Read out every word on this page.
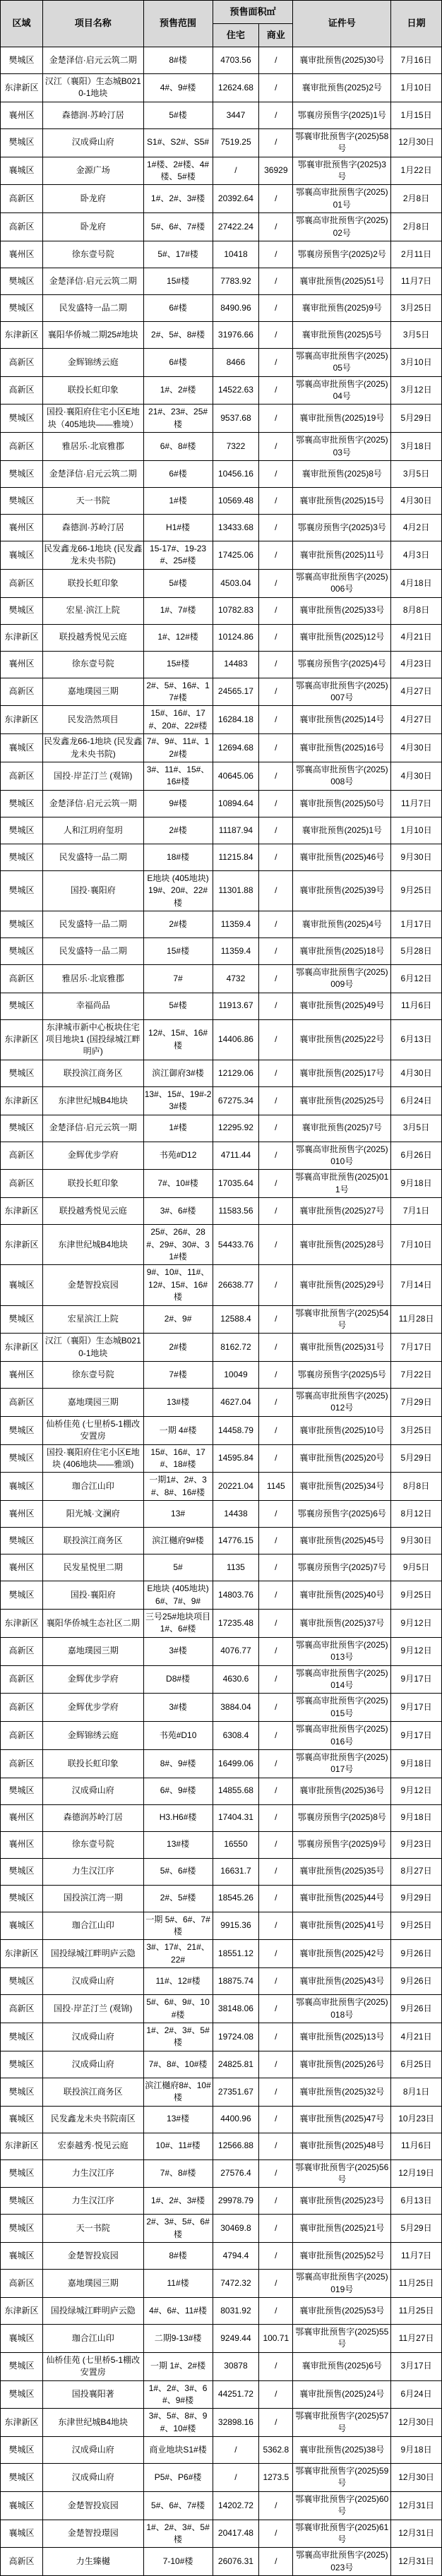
区域	项目名称	预售范围	预售面积㎡		证件号	日期
			住宅	商业		
樊城区	金楚泽信·启元云筑二期	8#楼	4703.56	/	襄审批预售(2025)30号	7月16日
东津新区	汉江（襄阳）生态城B0210-1地块	4#、9#楼	12624.68	/	襄审批预售(2025)2号	1月10日
襄州区	森德润·苏岭汀居	5#楼	3447	/	鄂襄房预售字(2025)1号	1月15日
樊城区	汉成舜山府	S1#、S2#、S5#	7519.25	/	鄂襄审批预售字(2025)58号	12月30日
襄城区	金源广场	1#楼、2#楼、4#楼、5#楼	/	36929	鄂襄审批预售字(2025)3号	1月22日
高新区	卧龙府	1#、2#、3#楼	20392.64	/	鄂襄高审批预售字(2025)01号	2月8日
高新区	卧龙府	5#、6#、7#楼	27422.24	/	鄂襄高审批预售字(2025)02号	2月8日
襄州区	徐东壹号院	5#、17#楼	10418	/	鄂襄房预售字(2025)2号	2月11日
樊城区	金楚泽信·启元云筑二期	15#楼	7783.92	/	襄审批预售(2025)51号	11月7日
樊城区	民发盛特一品二期	6#楼	8490.96	/	襄审批预售(2025)9号	3月25日
东津新区	襄阳华侨城二期25#地块	2#、5#、8#楼	31976.66	/	襄审批预售(2025)5号	3月5日
高新区	金辉锦绣云庭	6#楼	8466	/	鄂襄高审批预售字(2025)05号	3月10日
高新区	联投长虹印象	1#、2#楼	14522.63	/	鄂襄高审批预售字(2025)04号	3月12日
樊城区	国投·襄阳府住宅小区E地块（405地块——雅境）	21#、23#、25#楼	9537.68	/	襄审批预售(2025)19号	5月29日
高新区	雅居乐·北宸雅郡	6#、8#楼	7322	/	鄂襄高审批预售字(2025)03号	3月18日
樊城区	金楚泽信·启元云筑二期	6#楼	10456.16	/	襄审批预售(2025)8号	3月5日
樊城区	天一书院	1#楼	10569.48	/	襄审批预售(2025)15号	4月30日
襄州区	森德润·苏岭汀居	H1#楼	13433.68	/	鄂襄房预售字(2025)3号	4月2日
襄城区	民发鑫龙66-1地块 (民发鑫龙未央书院)	15-17#、19-23#、25#楼	17425.06	/	襄审批预售(2025)11号	4月3日
高新区	联投长虹印象	5#楼	4503.04	/	鄂襄高审批预售字(2025)006号	4月18日
樊城区	宏星·滨江上院	1#、7#楼	10782.83	/	襄审批预售(2025)33号	8月8日
东津新区	联投越秀悦见云庭	1#、12#楼	10124.86	/	襄审批预售(2025)12号	4月21日
襄州区	徐东壹号院	15#楼	14483	/	鄂襄房预售字(2025)4号	4月23日
高新区	嘉地璞园三期	2#、5#、16#、17#楼	24565.17	/	鄂襄高审批预售字(2025)007号	4月27日
东津新区	民发浩然项目	15#、16#、17#、20#、22#楼	16284.18	/	襄审批预售(2025)14号	4月27日
襄城区	民发鑫龙66-1地块 (民发鑫龙未央书院)	7#、9#、11#、12#楼	12694.68	/	襄审批预售(2025)16号	4月30日
高新区	国投·岸芷汀兰 (观锦)	3#、11#、15#、16#楼	40645.06	/	鄂襄高审批预售字(2025)008号	4月30日
樊城区	金楚泽信·启元云筑一期	9#楼	10894.64	/	襄审批预售(2025)50号	11月7日
樊城区	人和江玥府玺玥	2#楼	11187.94	/	襄审批预售(2025)1号	1月10日
樊城区	民发盛特一品二期	18#楼	11215.84	/	襄审批预售(2025)46号	9月30日
樊城区	国投·襄阳府	E地块 (405地块) 19#、20#、22#楼	11301.88	/	襄审批预售(2025)39号	9月25日
樊城区	民发盛特一品二期	2#楼	11359.4	/	襄审批预售(2025)4号	1月17日
樊城区	民发盛特一品二期	15#楼	11359.4	/	襄审批预售(2025)18号	5月28日
高新区	雅居乐·北宸雅郡	7#	4732	/	鄂襄高审批预售字(2025)009号	6月12日
樊城区	幸福尚品	5#楼	11913.67	/	襄审批预售(2025)49号	11月6日
东津新区	东津城市新中心板块住宅项目地块1 (国投绿城江畔明庐)	12#、15#、16#楼	14406.86	/	襄审批预售(2025)22号	6月13日
樊城区	联投滨江商务区	滨江御府3#楼	12129.06	/	襄审批预售(2025)17号	4月30日
东津新区	东津世纪城B4地块	13#、15#、19#-23#楼	67275.34	/	襄审批预售(2025)25号	6月24日
樊城区	金楚泽信·启元云筑一期	1#楼	12295.92	/	襄审批预售(2025)7号	3月5日
高新区	金辉优步学府	书苑#D12	4711.44	/	鄂襄高审批预售字(2025)010号	6月26日
高新区	联投长虹印象	7#、10#楼	17035.64	/	鄂襄高审批预售(2025)011号	9月18日
东津新区	联投越秀悦见云庭	3#、6#楼	11583.56	/	襄审批预售(2025)27号	7月1日
东津新区	东津世纪城B4地块	25#、26#、28#、29#、30#、31#楼	54433.76	/	襄审批预售(2025)28号	7月10日
襄城区	金楚智投宸园	9#、10#、11#、12#、15#、16#楼	26638.77	/	襄审批预售(2025)29号	7月14日
樊城区	宏星滨江上院	2#、9#	12588.4	/	鄂襄审批预售字(2025)54号	11月28日
东津新区	汉江（襄阳）生态城B0210-1地块	2#楼	8162.72	/	襄审批预售(2025)31号	7月17日
襄州区	徐东壹号院	7#楼	10049	/	鄂襄房预售字(2025)5号	7月22日
高新区	嘉地璞园三期	13#楼	4627.04	/	鄂襄高审批预售字(2025)012号	7月29日
樊城区	仙桥佳苑 (七里桥5-1棚改安置房	一期 4#楼	14458.79	/	襄审批预售(2025)10号	3月25日
樊城区	国投·襄阳府住宅小区E地块 (406地块——雅颂)	15#、16#、17#、18#楼	14595.84	/	襄审批预售(2025)20号	5月29日
襄城区	珈合江山印	一期1#、2#、3#、8#、16#楼	20221.04	1145	襄审批预售(2025)34号	8月8日
襄州区	阳光城·文澜府	13#	14438	/	鄂襄房预售字(2025)6号	8月12日
樊城区	联投滨江商务区	滨江樾府9#楼	14776.15	/	襄审批预售(2025)45号	9月30日
襄州区	民发星悦里二期	5#	1135	/	鄂襄房预售字(2025)7号	9月5日
樊城区	国投·襄阳府	E地块 (405地块) 6#、7#、9#	14803.76	/	襄审批预售(2025)40号	9月25日
东津新区	襄阳华侨城生态社区二期	三号25#地块项目1#、6#楼	17235.48	/	襄审批预售(2025)37号	9月12日
高新区	嘉地璞园三期	3#楼	4076.77	/	鄂襄高审批预售字(2025)013号	9月12日
高新区	金辉优步学府	D8#楼	4630.6	/	鄂襄高审批预售字(2025)014号	9月17日
高新区	金辉优步学府	3#楼	3884.04	/	鄂襄高审批预售字(2025)015号	9月17日
高新区	金辉锦绣云庭	书苑#D10	6308.4	/	鄂襄高审批预售字(2025)016号	9月17日
高新区	联投长虹印象	8#、9#楼	16499.06	/	鄂襄高审批预售字(2025)017号	9月18日
樊城区	汉成舜山府	6#、9#楼	14855.68	/	襄审批预售(2025)36号	9月12日
襄州区	森德润苏岭汀居	H3.H6#楼	17404.31	/	鄂襄房预售字(2025)8号	9月18日
襄州区	徐东壹号院	13#楼	16550	/	鄂襄房预售字(2025)9号	9月23日
樊城区	力生汉江序	5#、6#楼	16631.7	/	襄审批预售(2025)35号	8月27日
樊城区	国投滨江湾一期	2#、5#楼	18545.26	/	襄审批预售(2025)44号	9月29日
襄城区	珈合江山印	一期 5#、6#、7#楼	9915.36	/	襄审批预售(2025)41号	9月25日
东津新区	国投绿城江畔明庐云隐	3#、17#、21#、22#	18551.12	/	襄审批预售(2025)42号	9月26日
樊城区	汉成舜山府	11#、12#楼	18875.74	/	襄审批预售(2025)43号	9月26日
高新区	国投·岸芷汀兰 (观锦)	5#、6#、9#、10#楼	38148.06	/	鄂襄高审批预售字(2025)018号	9月26日
樊城区	汉成舜山府	1#、2#、3#、5#楼	19724.08	/	襄审批预售(2025)13号	4月21日
樊城区	汉成舜山府	7#、8#、10#楼	24825.81	/	襄审批预售(2025)26号	6月25日
樊城区	联投滨江商务区	滨江樾府8#、10#楼	27351.67	/	襄审批预售(2025)32号	8月1日
襄城区	民发鑫龙未央书院南区	13#楼	4400.96	/	襄审批预售(2025)47号	10月23日
东津新区	宏泰越秀·悦见云庭	10#、11#楼	12566.88	/	襄审批预售(2025)48号	11月6日
樊城区	力生汉江序	7#、8#楼	27576.4	/	鄂襄审批预售字(2025)56号	12月19日
樊城区	力生汉江序	1#、2#、3#楼	29978.79	/	襄审批预售(2025)23号	6月13日
樊城区	天一书院	2#、3#、5#、6#楼	30469.8	/	襄审批预售(2025)21号	5月29日
襄城区	金楚智投宸园	8#楼	4794.4	/	襄审批预售(2025)52号	11月7日
高新区	嘉地璞园三期	11#楼	7472.32	/	鄂襄高审批预售字(2025)019号	11月25日
东津新区	国投绿城江畔明庐云隐	4#、6#、11#楼	8031.92	/	襄审批预售(2025)53号	11月25日
襄城区	珈合江山印	二期9-13#楼	9249.44	100.71	鄂襄审批预售字(2025)55号	11月27日
樊城区	仙桥佳苑 (七里桥5-1棚改安置房	一期 1#、2#楼	30878	/	襄审批预售(2025)6号	3月17日
樊城区	国投襄阳著	1#、2#、3#、6#、9#楼	44251.72	/	襄审批预售(2025)24号	6月24日
东津新区	东津世纪城B4地块	3#、5#、8#、9#、10#楼	32898.16	/	鄂襄审批预售字(2025)57号	12月30日
樊城区	汉成舜山府	商业地块S1#楼	/	5362.8	襄审批预售(2025)38号	9月18日
樊城区	汉成舜山府	P5#、P6#楼	/	1273.5	鄂襄审批预售字(2025)59号	12月30日
襄城区	金楚智投宸园	5#、6#、7#楼	14202.72	/	鄂襄审批预售字(2025)60号	12月31日
襄城区	金楚智投璟园	1#、2#、3#、5#楼	20417.48	/	鄂襄审批预售字(2025)61号	12月31日
高新区	力生臻樾	7-10#楼	26076.31	/	鄂襄高审批预售字(2025)023号	12月31日
